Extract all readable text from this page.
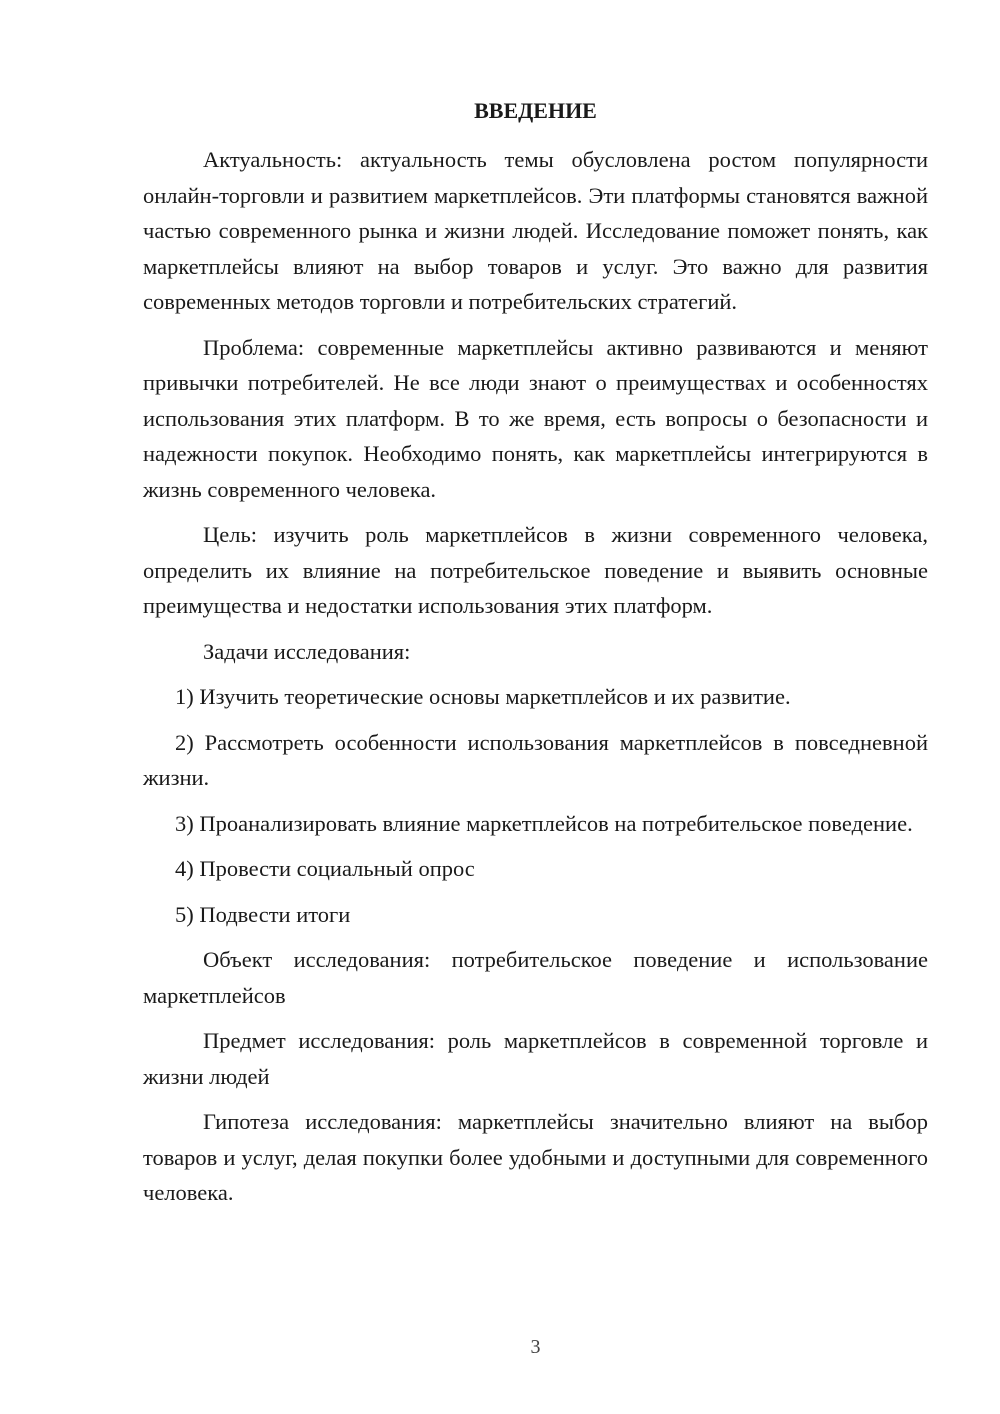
ВВЕДЕНИЕ

Актуальность: актуальность темы обусловлена ростом популярности онлайн-торговли и развитием маркетплейсов. Эти платформы становятся важной частью современного рынка и жизни людей. Исследование поможет понять, как маркетплейсы влияют на выбор товаров и услуг. Это важно для развития современных методов торговли и потребительских стратегий.

Проблема: современные маркетплейсы активно развиваются и меняют привычки потребителей. Не все люди знают о преимуществах и особенностях использования этих платформ. В то же время, есть вопросы о безопасности и надежности покупок. Необходимо понять, как маркетплейсы интегрируются в жизнь современного человека.

Цель: изучить роль маркетплейсов в жизни современного человека, определить их влияние на потребительское поведение и выявить основные преимущества и недостатки использования этих платформ.

Задачи исследования:

1) Изучить теоретические основы маркетплейсов и их развитие.

2) Рассмотреть особенности использования маркетплейсов в повседневной жизни.

3) Проанализировать влияние маркетплейсов на потребительское поведение.

4) Провести социальный опрос

5) Подвести итоги

Объект исследования: потребительское поведение и использование маркетплейсов

Предмет исследования: роль маркетплейсов в современной торговле и жизни людей

Гипотеза исследования: маркетплейсы значительно влияют на выбор товаров и услуг, делая покупки более удобными и доступными для современного человека.

3
